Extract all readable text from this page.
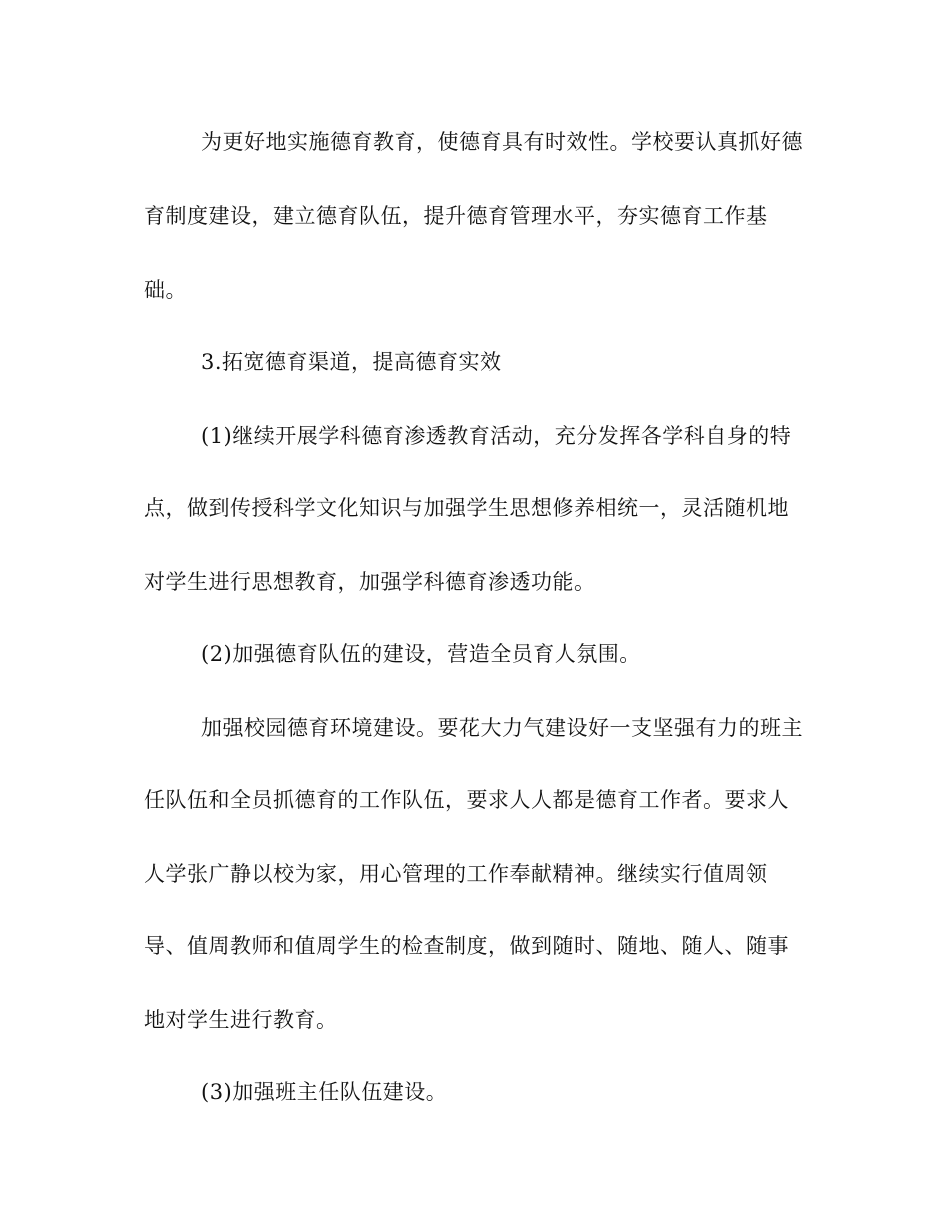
为更好地实施德育教育，使德育具有时效性。学校要认真抓好德
育制度建设，建立德育队伍，提升德育管理水平，夯实德育工作基
础。
3.拓宽德育渠道，提高德育实效
(1)继续开展学科德育渗透教育活动，充分发挥各学科自身的特
点，做到传授科学文化知识与加强学生思想修养相统一，灵活随机地
对学生进行思想教育，加强学科德育渗透功能。
(2)加强德育队伍的建设，营造全员育人氛围。
加强校园德育环境建设。要花大力气建设好一支坚强有力的班主
任队伍和全员抓德育的工作队伍，要求人人都是德育工作者。要求人
人学张广静以校为家，用心管理的工作奉献精神。继续实行值周领
导、值周教师和值周学生的检查制度，做到随时、随地、随人、随事
地对学生进行教育。
(3)加强班主任队伍建设。
